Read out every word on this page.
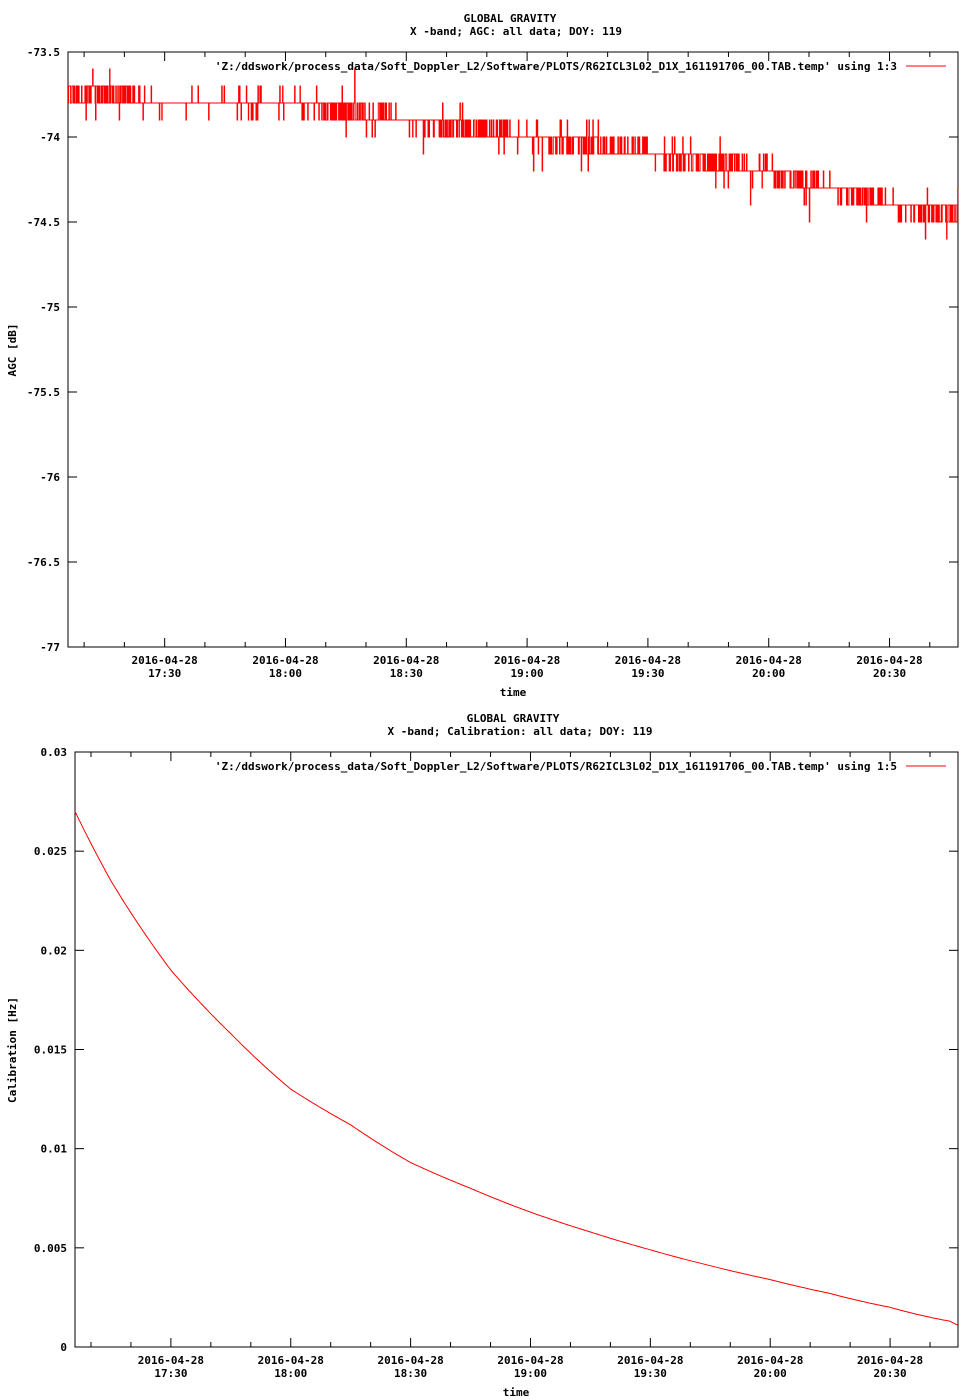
GLOBAL GRAVITY
X -band; AGC: all data; DOY: 119
-73.5
-74
-74.5
-75
-75.5
-76
-76.5
-77
2016-04-28
17:30
2016-04-28
18:00
2016-04-28
18:30
2016-04-28
19:00
2016-04-28
19:30
2016-04-28
20:00
2016-04-28
20:30
'Z:/ddswork/process_data/Soft_Doppler_L2/Software/PLOTS/R62ICL3L02_D1X_161191706_00.TAB.temp' using 1:3
time
AGC [dB]
GLOBAL GRAVITY
X -band; Calibration: all data; DOY: 119
0.03
0.025
0.02
0.015
0.01
0.005
0
2016-04-28
17:30
2016-04-28
18:00
2016-04-28
18:30
2016-04-28
19:00
2016-04-28
19:30
2016-04-28
20:00
2016-04-28
20:30
'Z:/ddswork/process_data/Soft_Doppler_L2/Software/PLOTS/R62ICL3L02_D1X_161191706_00.TAB.temp' using 1:5
time
Calibration [Hz]
